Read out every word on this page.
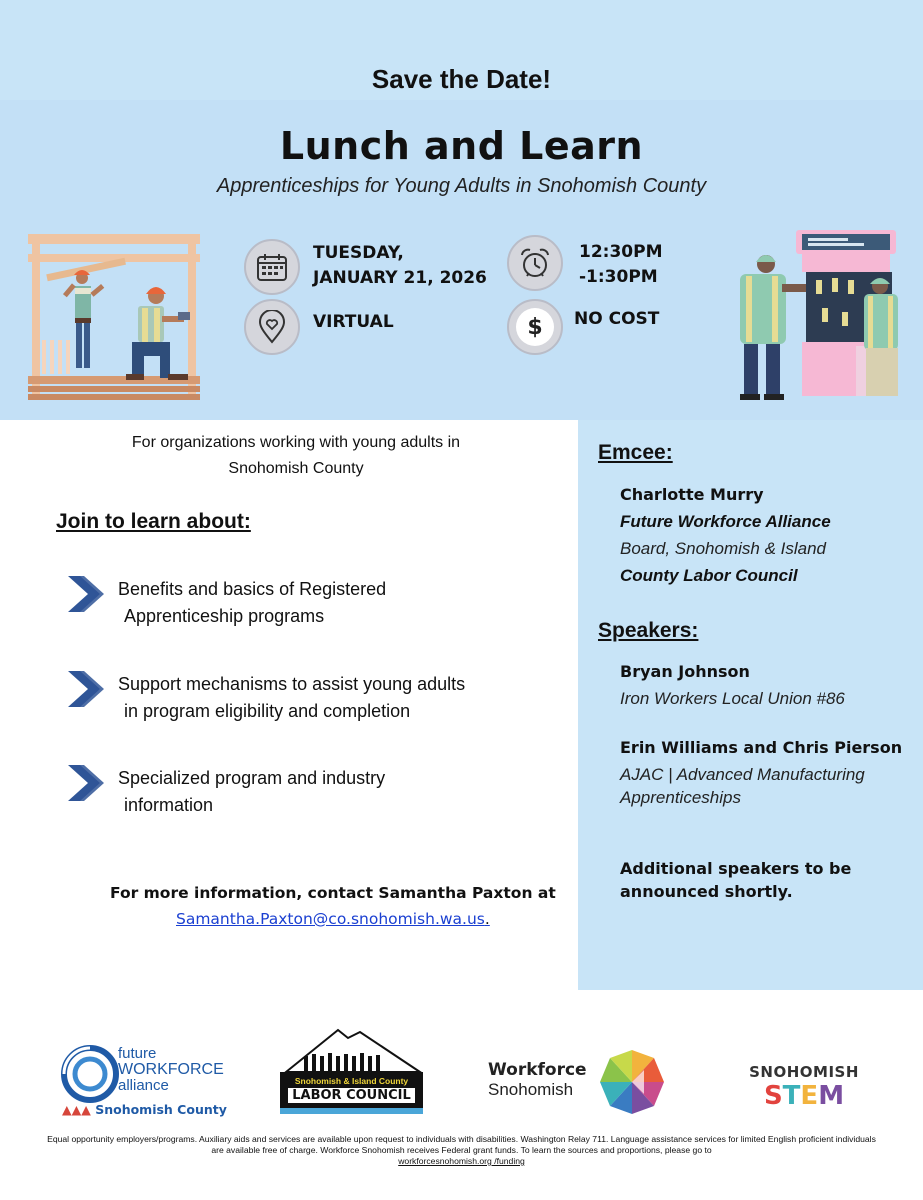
Save the Date!
Lunch and Learn
Apprenticeships for Young Adults in Snohomish County
TUESDAY,
JANUARY 21, 2026
12:30PM
-1:30PM
VIRTUAL	$	NO COST
For organizations working with young adults in
Snohomish County
Join to learn about:
Benefits and basics of Registered
Apprenticeship programs
Support mechanisms to assist young adults
in program eligibility and completion
Specialized program and industry
information
For more information, contact Samantha Paxton at
Samantha.Paxton@co.snohomish.wa.us.
Emcee:
Charlotte Murry
Future Workforce Alliance
Board, Snohomish & Island
County Labor Council
Speakers:
Bryan Johnson
Iron Workers Local Union #86
Erin Williams and Chris Pierson
AJAC | Advanced Manufacturing
Apprenticeships
Additional speakers to be
announced shortly.
future
WORKFORCE
alliance
▲▲▲ Snohomish County
Snohomish & Island County
LABOR COUNCIL
Workforce
Snohomish
SNOHOMISH
S T E M
Equal opportunity employers/programs. Auxiliary aids and services are available upon request to individuals with disabilities. Washington Relay 711. Language assistance services for limited English proficient individuals are available free of charge. Workforce Snohomish receives Federal grant funds. To learn the sources and proportions, please go to
workforcesnohomish.org /funding
